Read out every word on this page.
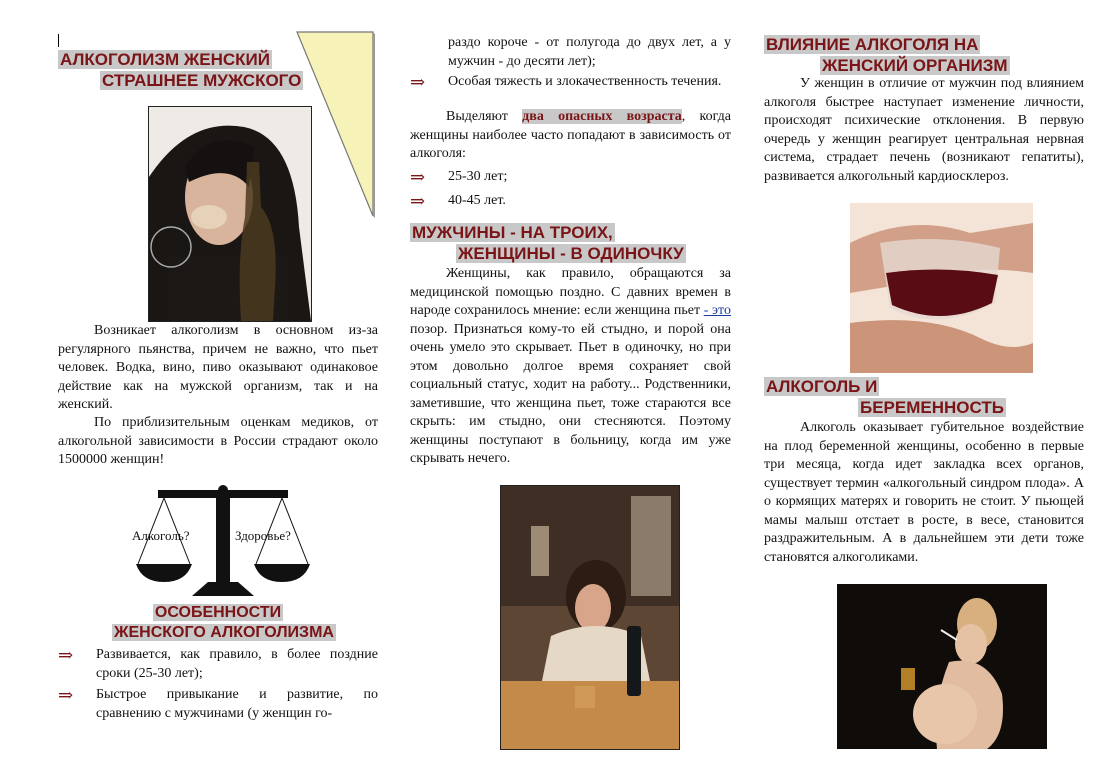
АЛКОГОЛИЗМ ЖЕНСКИЙ
СТРАШНЕЕ МУЖСКОГО
Возникает алкоголизм в основном из-за регулярного пьянства, причем не важно, что пьет человек. Водка, вино, пиво оказывают одинаковое действие как на мужской организм, так и на женский.
По приблизительным оценкам медиков, от алкогольной зависимости в России страдают около 1500000 женщин!
Алкоголь?	Здоровье?
ОСОБЕННОСТИ
ЖЕНСКОГО АЛКОГОЛИЗМА
⇒	Развивается, как правило, в более поздние сроки (25-30 лет);
⇒	Быстрое привыкание и развитие, по сравнению с мужчинами (у женщин го-
раздо короче - от полугода до двух лет, а у мужчин - до десяти лет);
⇒	Особая тяжесть и злокачественность течения.
Выделяют два опасных возраста, когда женщины наиболее часто попадают в зависимость от алкоголя:
⇒	25-30 лет;
⇒	40-45 лет.
МУЖЧИНЫ - НА ТРОИХ,
ЖЕНЩИНЫ - В ОДИНОЧКУ
Женщины, как правило, обращаются за медицинской помощью поздно. С давних времен в народе сохранилось мнение: если женщина пьет - это позор. Признаться кому-то ей стыдно, и порой она очень умело это скрывает. Пьет в одиночку, но при этом довольно долгое время сохраняет свой социальный статус, ходит на работу... Родственники, заметившие, что женщина пьет, тоже стараются все скрыть: им стыдно, они стесняются. Поэтому женщины поступают в больницу, когда им уже скрывать нечего.
ВЛИЯНИЕ АЛКОГОЛЯ НА
ЖЕНСКИЙ ОРГАНИЗМ
У женщин в отличие от мужчин под влиянием алкоголя быстрее наступает изменение личности, происходят психические отклонения. В первую очередь у женщин реагирует центральная нервная система, страдает печень (возникают гепатиты), развивается алкогольный кардиосклероз.
АЛКОГОЛЬ И
БЕРЕМЕННОСТЬ
Алкоголь оказывает губительное воздействие на плод беременной женщины, особенно в первые три месяца, когда идет закладка всех органов, существует термин «алкогольный синдром плода». А о кормящих матерях и говорить не стоит. У пьющей мамы малыш отстает в росте, в весе, становится раздражительным. А в дальнейшем эти дети тоже становятся алкоголиками.
